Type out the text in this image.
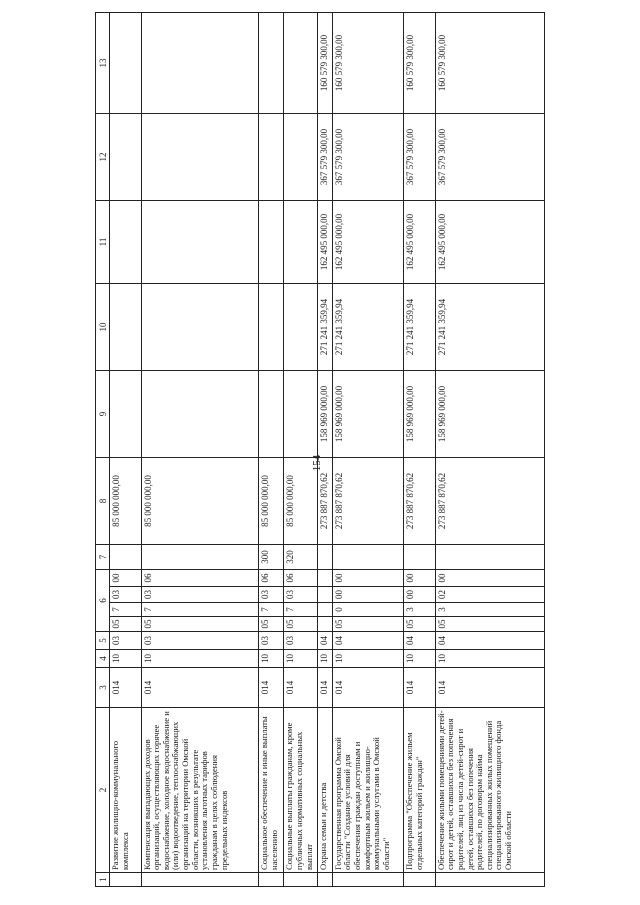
154
1	2	3	4	5	6				7	8	9	10	11	12	13
	Развитие жилищно-коммунального комплекса	014	10	03	05	7	03	00		85 000 000,00					
	Компенсация выпадающих доходов организаций, осуществляющих горячее водоснабжение, холодное водоснабжение и (или) водоотведение, теплоснабжающих организаций на территории Омской области, возникших в результате установления льготных тарифов гражданам в целях соблюдения предельных индексов	014	10	03	05	7	03	06		85 000 000,00					
	Социальное обеспечение и иные выплаты населению	014	10	03	05	7	03	06	300	85 000 000,00					
	Социальные выплаты гражданам, кроме публичных нормативных социальных выплат	014	10	03	05	7	03	06	320	85 000 000,00					
	Охрана семьи и детства	014	10	04						273 887 870,62	158 969 000,00	271 241 359,94	162 495 000,00	367 579 300,00	160 579 300,00
	Государственная программа Омской области "Создание условий для обеспечения граждан доступным и комфортным жильем и жилищно-коммунальными услугами в Омской области"	014	10	04	05	0	00	00		273 887 870,62	158 969 000,00	271 241 359,94	162 495 000,00	367 579 300,00	160 579 300,00
	Подпрограмма "Обеспечение жильем отдельных категорий граждан"	014	10	04	05	3	00	00		273 887 870,62	158 969 000,00	271 241 359,94	162 495 000,00	367 579 300,00	160 579 300,00
	Обеспечение жилыми помещениями детей-сирот и детей, оставшихся без попечения родителей, лиц из числа детей-сирот и детей, оставшихся без попечения родителей, по договорам найма специализированных жилых помещений специализированного жилищного фонда Омской области	014	10	04	05	3	02	00		273 887 870,62	158 969 000,00	271 241 359,94	162 495 000,00	367 579 300,00	160 579 300,00
